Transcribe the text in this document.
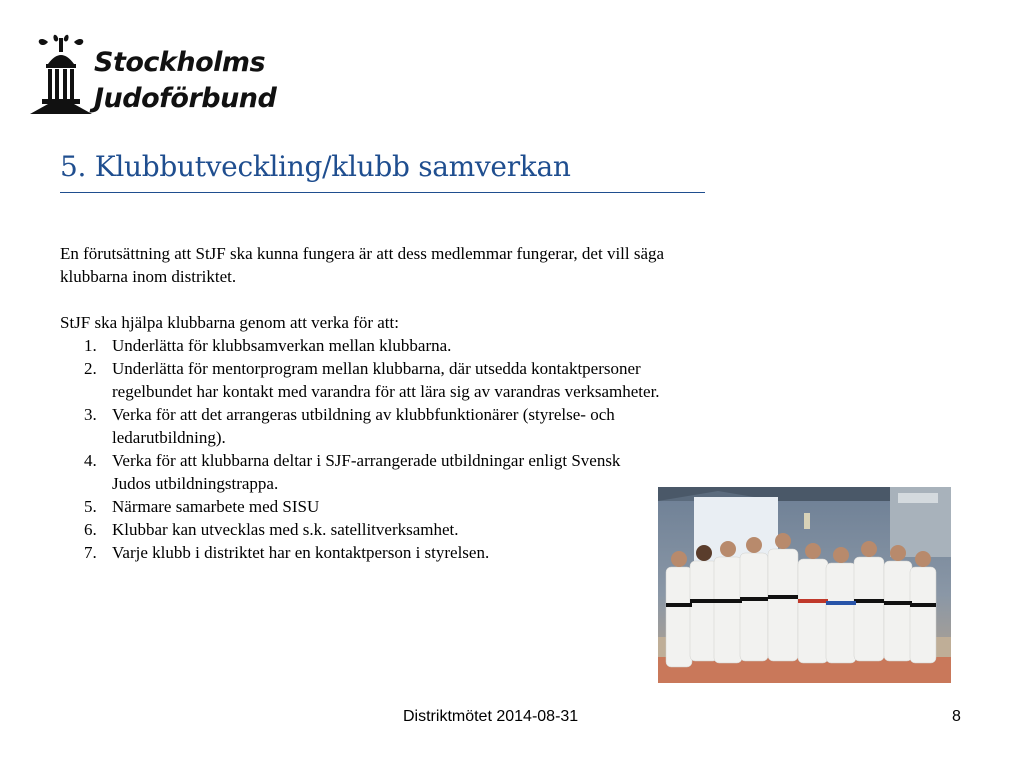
Stockholms
Judoförbund
5. Klubbutveckling/klubb samverkan

En förutsättning att StJF ska kunna fungera är att dess medlemmar fungerar, det vill säga klubbarna inom distriktet.

StJF ska hjälpa klubbarna genom att verka för att:

1. Underlätta för klubbsamverkan mellan klubbarna.
2. Underlätta för mentorprogram mellan klubbarna, där utsedda kontaktpersoner regelbundet har kontakt med varandra för att lära sig av varandras verksamheter.
3. Verka för att det arrangeras utbildning av klubbfunktionärer (styrelse- och ledarutbildning).
4. Verka för att klubbarna deltar i SJF-arrangerade utbildningar enligt Svensk Judos utbildningstrappa.
5. Närmare samarbete med SISU
6. Klubbar kan utvecklas med s.k. satellitverksamhet.
7. Varje klubb i distriktet har en kontaktperson i styrelsen.
Distriktmötet 2014-08-31	8
